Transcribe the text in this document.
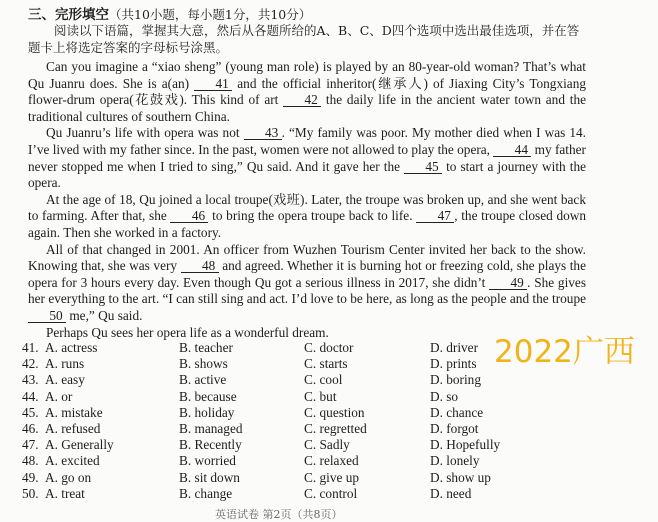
三、完形填空（共10小题，每小题1分，共10分）
阅读以下语篇，掌握其大意，然后从各题所给的A、B、C、D四个选项中选出最佳选项，并在答题卡上将选定答案的字母标号涂黑。

Can you imagine a “xiao sheng” (young man role) is played by an 80-year-old woman? That’s what Qu Juanru does. She is a(an) 41 and the official inheritor(继承人) of Jiaxing City’s Tongxiang flower-drum opera(花鼓戏). This kind of art 42 the daily life in the ancient water town and the traditional cultures of southern China.

Qu Juanru’s life with opera was not 43 . “My family was poor. My mother died when I was 14. I’ve lived with my father since. In the past, women were not allowed to play the opera, 44 my father never stopped me when I tried to sing,” Qu said. And it gave her the 45 to start a journey with the opera.

At the age of 18, Qu joined a local troupe(戏班). Later, the troupe was broken up, and she went back to farming. After that, she 46 to bring the opera troupe back to life. 47 , the troupe closed down again. Then she worked in a factory.

All of that changed in 2001. An officer from Wuzhen Tourism Center invited her back to the show. Knowing that, she was very 48 and agreed. Whether it is burning hot or freezing cold, she plays the opera for 3 hours every day. Even though Qu got a serious illness in 2017, she didn’t 49 . She gives her everything to the art. “I can still sing and act. I’d love to be here, as long as the people and the troupe 50 me,” Qu said.

Perhaps Qu sees her opera life as a wonderful dream.

41. A. actress	B. teacher	C. doctor	D. driver
42. A. runs	B. shows	C. starts	D. prints
43. A. easy	B. active	C. cool	D. boring
44. A. or	B. because	C. but	D. so
45. A. mistake	B. holiday	C. question	D. chance
46. A. refused	B. managed	C. regretted	D. forgot
47. A. Generally	B. Recently	C. Sadly	D. Hopefully
48. A. excited	B. worried	C. relaxed	D. lonely
49. A. go on	B. sit down	C. give up	D. show up
50. A. treat	B. change	C. control	D. need
2022广西
英语试卷 第2页（共8页）
